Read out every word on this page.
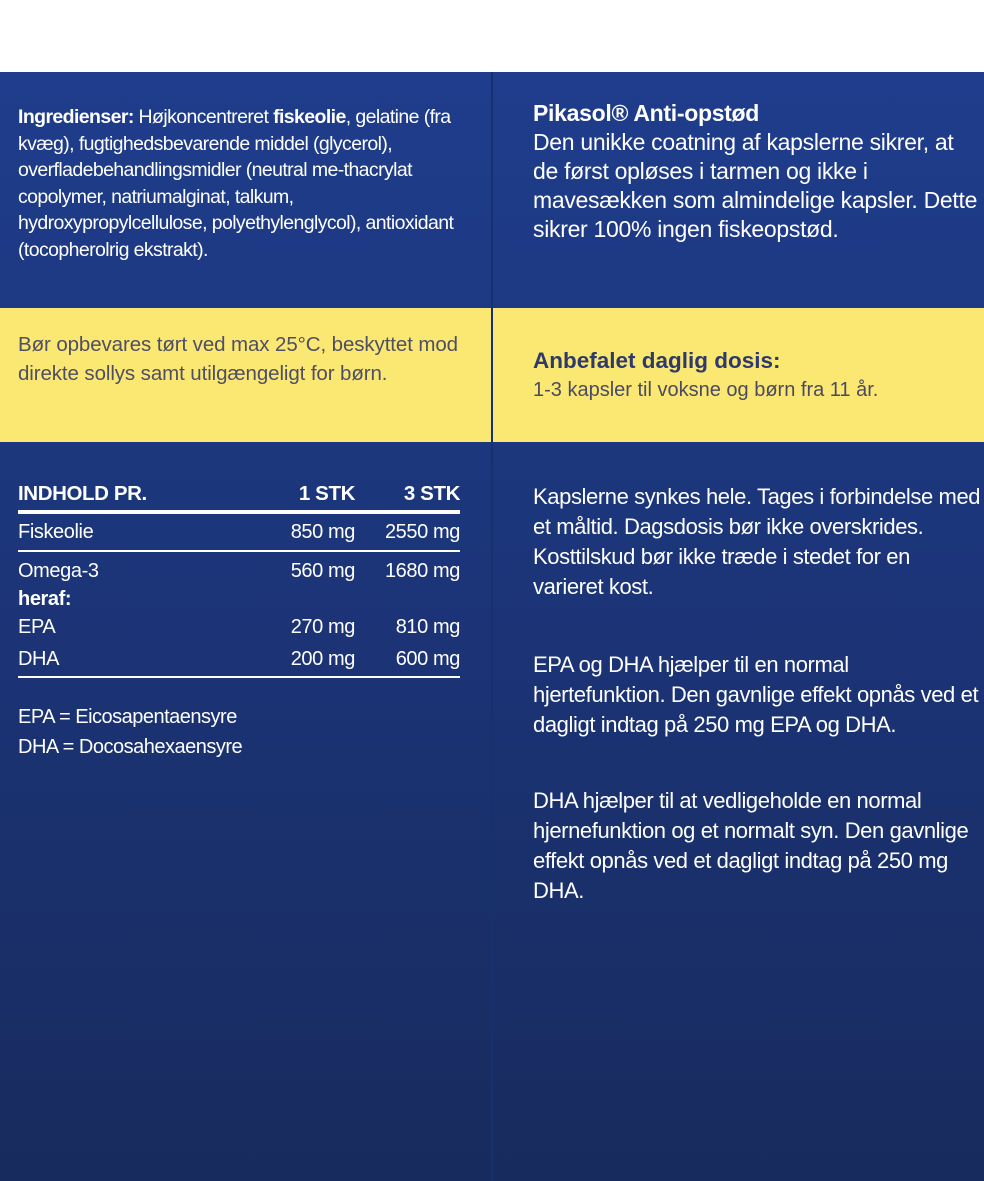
Ingredienser: Højkoncentreret fiskeolie, gelatine (fra kvæg), fugtighedsbevarende middel (glycerol), overfladebehandlingsmidler (neutral me-thacrylat copolymer, natriumalginat, talkum, hydroxypropylcellulose, polyethylenglycol), antioxidant (tocopherolrig ekstrakt).
Pikasol® Anti-opstød
Den unikke coatning af kapslerne sikrer, at de først opløses i tarmen og ikke i mavesækken som almindelige kapsler. Dette sikrer 100% ingen fiskeopstød.
Bør opbevares tørt ved max 25°C, beskyttet mod direkte sollys samt utilgængeligt for børn.
Anbefalet daglig dosis:
1-3 kapsler til voksne og børn fra 11 år.
INDHOLD PR.	1 STK	3 STK
Fiskeolie	850 mg	2550 mg
Omega-3	560 mg	1680 mg
heraf:		
EPA	270 mg	810 mg
DHA	200 mg	600 mg
EPA = Eicosapentaensyre
DHA = Docosahexaensyre
Kapslerne synkes hele. Tages i forbindelse med et måltid. Dagsdosis bør ikke overskrides. Kosttilskud bør ikke træde i stedet for en varieret kost.
EPA og DHA hjælper til en normal hjertefunktion. Den gavnlige effekt opnås ved et dagligt indtag på 250 mg EPA og DHA.
DHA hjælper til at vedligeholde en normal hjernefunktion og et normalt syn. Den gavnlige effekt opnås ved et dagligt indtag på 250 mg DHA.
